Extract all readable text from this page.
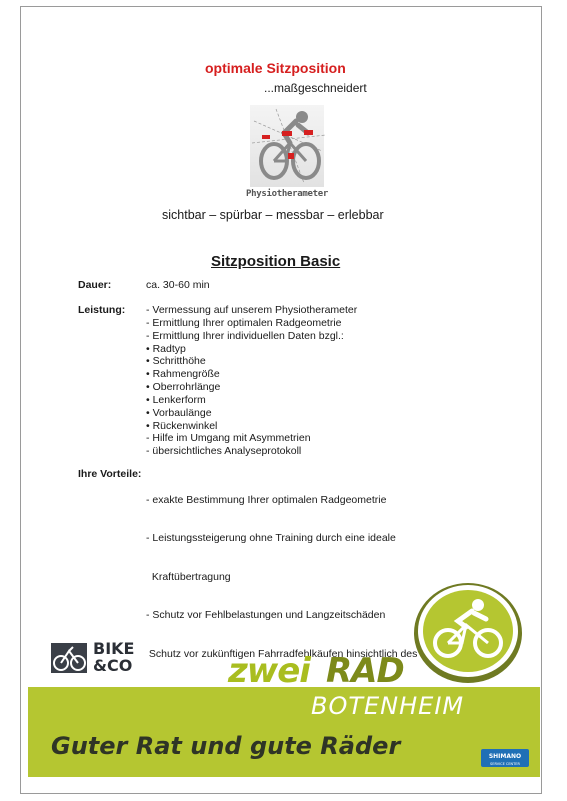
optimale Sitzposition
...maßgeschneidert
Physiotherameter
sichtbar – spürbar – messbar – erlebbar
Sitzposition Basic
Dauer:	ca. 30-60 min
Leistung: - Vermessung auf unserem Physiotherameter
- Ermittlung Ihrer optimalen Radgeometrie
- Ermittlung Ihrer individuellen Daten bzgl.:
• Radtyp
• Schritthöhe
• Rahmengröße
• Oberrohrlänge
• Lenkerform
• Vorbaulänge
• Rückenwinkel
- Hilfe im Umgang mit Asymmetrien
- übersichtliches Analyseprotokoll
Ihre Vorteile:

- exakte Bestimmung Ihrer optimalen Radgeometrie

- Leistungssteigerung ohne Training durch eine ideale

Kraftübertragung

- Schutz vor Fehlbelastungen und Langzeitschäden

Schutz vor zukünftigen Fahrradfehlkäufen hinsichtlich des

BIKE
&CO	zwei RAD
BOTENHEIM
Guter Rat und gute Räder	SHIMANO
SERVICE CENTER
